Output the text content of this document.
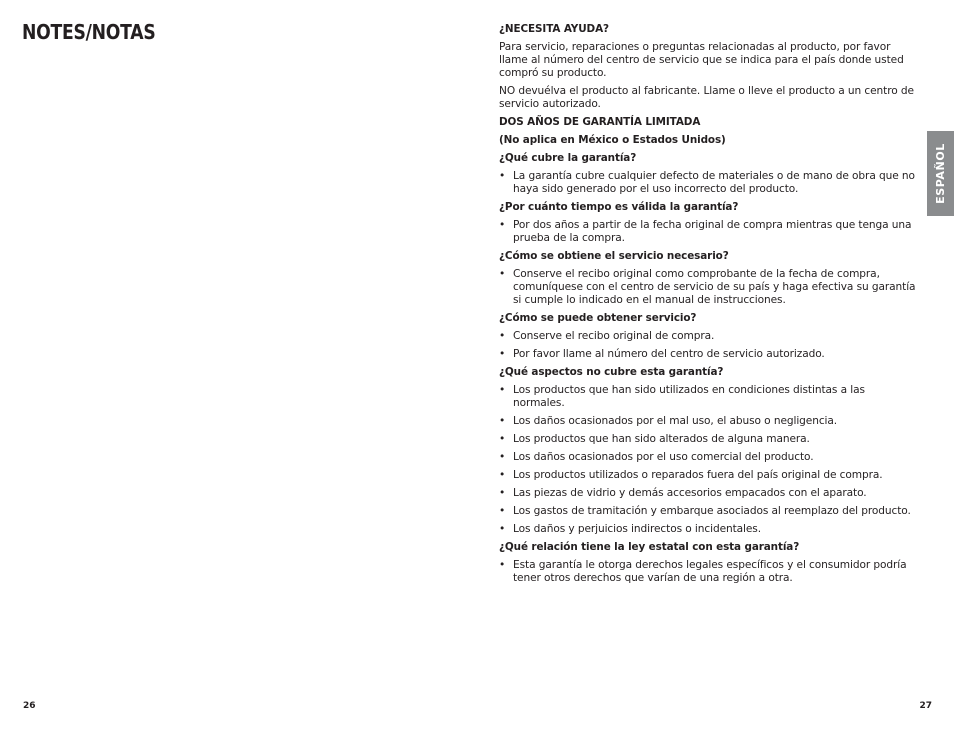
NOTES/NOTAS
26
¿NECESITA AYUDA?
Para servicio, reparaciones o preguntas relacionadas al producto, por favor llame al número del centro de servicio que se indica para el país donde usted compró su producto.
NO devuélva el producto al fabricante. Llame o lleve el producto a un centro de servicio autorizado.
DOS AÑOS DE GARANTÍA LIMITADA
(No aplica en México o Estados Unidos)
¿Qué cubre la garantía?
• La garantía cubre cualquier defecto de materiales o de mano de obra que no haya sido generado por el uso incorrecto del producto.
¿Por cuánto tiempo es válida la garantía?
• Por dos años a partir de la fecha original de compra mientras que tenga una prueba de la compra.
¿Cómo se obtiene el servicio necesario?
• Conserve el recibo original como comprobante de la fecha de compra, comuníquese con el centro de servicio de su país y haga efectiva su garantía si cumple lo indicado en el manual de instrucciones.
¿Cómo se puede obtener servicio?
• Conserve el recibo original de compra.
• Por favor llame al número del centro de servicio autorizado.
¿Qué aspectos no cubre esta garantía?
• Los productos que han sido utilizados en condiciones distintas a las normales.
• Los daños ocasionados por el mal uso, el abuso o negligencia.
• Los productos que han sido alterados de alguna manera.
• Los daños ocasionados por el uso comercial del producto.
• Los productos utilizados o reparados fuera del país original de compra.
• Las piezas de vidrio y demás accesorios empacados con el aparato.
• Los gastos de tramitación y embarque asociados al reemplazo del producto.
• Los daños y perjuicios indirectos o incidentales.
¿Qué relación tiene la ley estatal con esta garantía?
• Esta garantía le otorga derechos legales específicos y el consumidor podría tener otros derechos que varían de una región a otra.
27
ESPAÑOL
